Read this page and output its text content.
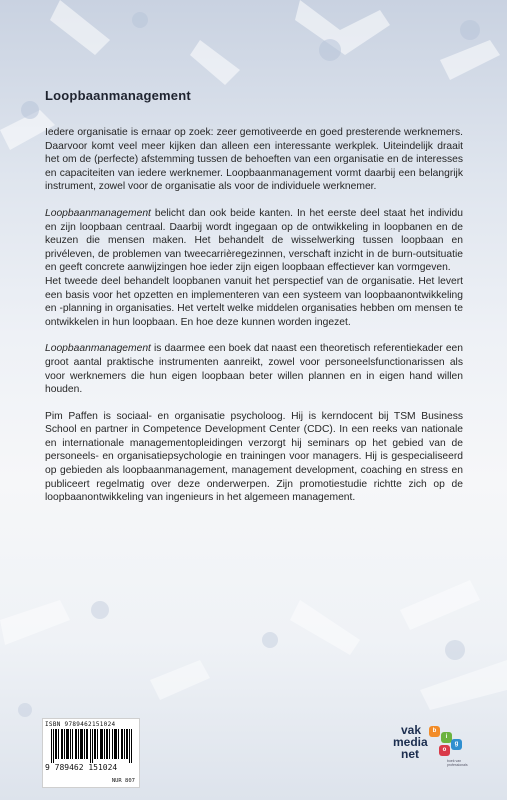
Loopbaanmanagement

Iedere organisatie is ernaar op zoek: zeer gemotiveerde en goed presterende werknemers. Daarvoor komt veel meer kijken dan alleen een interessante werkplek. Uiteindelijk draait het om de (perfecte) afstemming tussen de behoeften van een organisatie en de interesses en capaciteiten van iedere werknemer. Loopbaanmanagement vormt daarbij een belangrijk instrument, zowel voor de organisatie als voor de individuele werknemer.

Loopbaanmanagement belicht dan ook beide kanten. In het eerste deel staat het individu en zijn loopbaan centraal. Daarbij wordt ingegaan op de ontwikkeling in loopbanen en de keuzen die mensen maken. Het behandelt de wisselwerking tussen loopbaan en privéleven, de problemen van tweecarrièregezinnen, verschaft inzicht in de burn-outsituatie en geeft concrete aanwijzingen hoe ieder zijn eigen loopbaan effectiever kan vormgeven.

Het tweede deel behandelt loopbanen vanuit het perspectief van de organisatie. Het levert een basis voor het opzetten en implementeren van een systeem van loopbaanontwikkeling en -planning in organisaties. Het vertelt welke middelen organisaties hebben om mensen te ontwikkelen in hun loopbaan. En hoe deze kunnen worden ingezet.

Loopbaanmanagement is daarmee een boek dat naast een theoretisch referentiekader een groot aantal praktische instrumenten aanreikt, zowel voor personeelsfunctionarissen als voor werknemers die hun eigen loopbaan beter willen plannen en in eigen hand willen houden.

Pim Paffen is sociaal- en organisatie psycholoog. Hij is kerndocent bij TSM Business School en partner in Competence Development Center (CDC). In een reeks van nationale en internationale managementopleidingen verzorgt hij seminars op het gebied van de personeels- en organisatiepsychologie en trainingen voor managers. Hij is gespecialiseerd op gebieden als loopbaanmanagement, management development, coaching en stress en publiceert regelmatig over deze onderwerpen. Zijn promotiestudie richtte zich op de loopbaanontwikkeling van ingenieurs in het algemeen management.

ISBN 9789462151024
9 789462 151024
NUR 807
vak
media
net
b
i
o
g
boek van professionals
